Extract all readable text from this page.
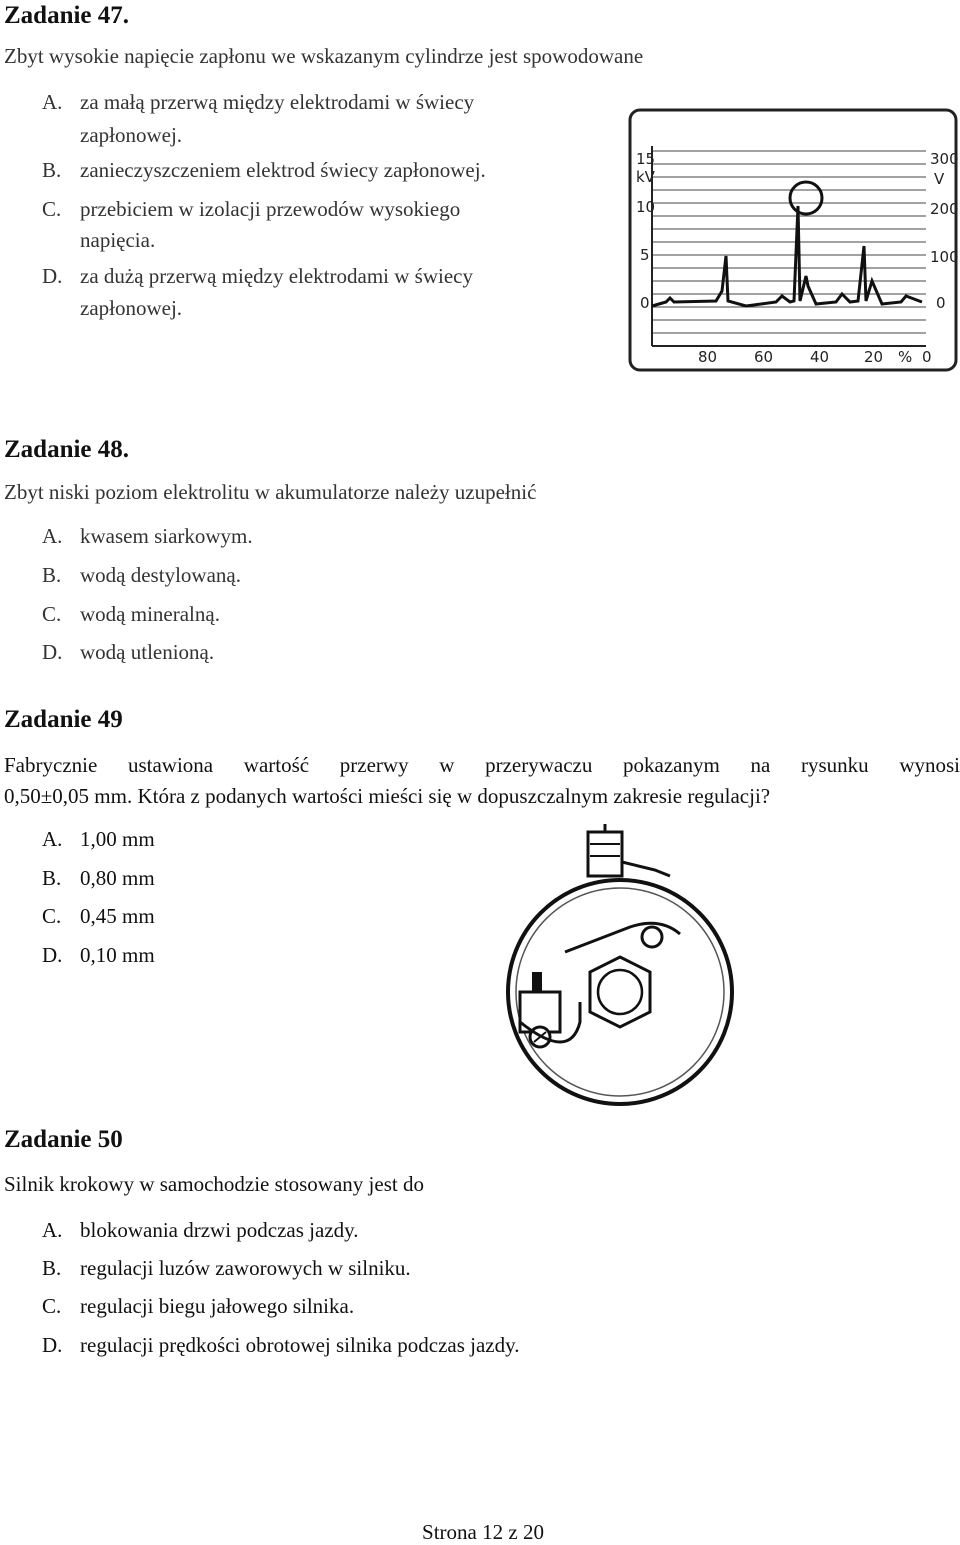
Zadanie 47.
Zbyt wysokie napięcie zapłonu we wskazanym cylindrze jest spowodowane
A. za małą przerwą między elektrodami w świecy
zapłonowej.
B. zanieczyszczeniem elektrod świecy zapłonowej.
C. przebiciem w izolacji przewodów wysokiego
napięcia.
D. za dużą przerwą między elektrodami w świecy
zapłonowej.
15
kV
10
5
0
300
V
200
100
0
80 60 40 20 % 0
Zadanie 48.
Zbyt niski poziom elektrolitu w akumulatorze należy uzupełnić
A. kwasem siarkowym.
B. wodą destylowaną.
C. wodą mineralną.
D. wodą utlenioną.
Zadanie 49
Fabrycznie ustawiona wartość przerwy w przerywaczu pokazanym na rysunku wynosi
0,50±0,05 mm. Która z podanych wartości mieści się w dopuszczalnym zakresie regulacji?
A. 1,00 mm
B. 0,80 mm
C. 0,45 mm
D. 0,10 mm
Zadanie 50
Silnik krokowy w samochodzie stosowany jest do
A. blokowania drzwi podczas jazdy.
B. regulacji luzów zaworowych w silniku.
C. regulacji biegu jałowego silnika.
D. regulacji prędkości obrotowej silnika podczas jazdy.
Strona 12 z 20
